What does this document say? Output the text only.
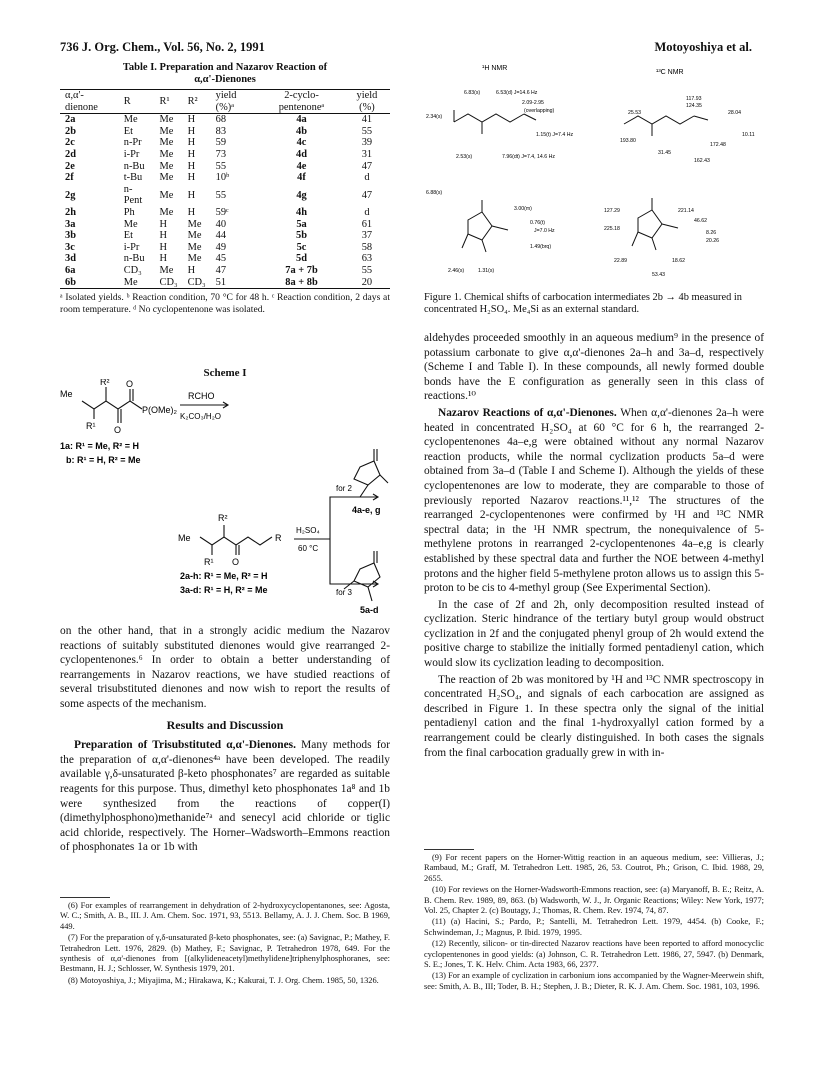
736 J. Org. Chem., Vol. 56, No. 2, 1991	Motoyoshiya et al.
Table I. Preparation and Nazarov Reaction of
α,α'-Dienones
α,α'-dienone	R	R¹	R²	yield (%)ᵃ	2-cyclo-pentenoneᵃ	yield (%)
2a	Me	Me	H	68	4a	41
2b	Et	Me	H	83	4b	55
2c	n-Pr	Me	H	59	4c	39
2d	i-Pr	Me	H	73	4d	31
2e	n-Bu	Me	H	55	4e	47
2f	t-Bu	Me	H	10ᵇ	4f	d
2g	n-Pent	Me	H	55	4g	47
2h	Ph	Me	H	59ᶜ	4h	d
3a	Me	H	Me	40	5a	61
3b	Et	H	Me	44	5b	37
3c	i-Pr	H	Me	49	5c	58
3d	n-Bu	H	Me	45	5d	63
6a	CD₃	Me	H	47	7a + 7b	55
6b	Me	CD₃	CD₃	51	8a + 8b	20
ᵃ Isolated yields. ᵇ Reaction condition, 70 °C for 48 h. ᶜ Reaction condition, 2 days at room temperature. ᵈ No cyclopentenone was isolated.
Scheme I
Me
R² O
P(OMe)₂
R¹ O
RCHO
K₂CO₃/H₂O
1a: R¹ = Me, R² = H
b: R¹ = H, R² = Me
Me
R²
R¹ O
R
H₂SO₄
60 °C
for 2
for 3
4a-e, g
5a-d
2a-h: R¹ = Me, R² = H
3a-d: R¹ = H, R² = Me

on the other hand, that in a strongly acidic medium the Nazarov reactions of suitably substituted dienones would give rearranged 2-cyclopentenones.⁶ In order to obtain a better understanding of rearrangements in Nazarov reactions, we have studied reactions of several trisubstituted dienones and now wish to report the results of some aspects of the mechanism.

Results and Discussion

Preparation of Trisubstituted α,α'-Dienones. Many methods for the preparation of α,α'-dienones⁴ᵃ have been developed. The readily available γ,δ-unsaturated β-keto phosphonates⁷ are regarded as suitable reagents for this purpose. Thus, dimethyl keto phosphonates 1a⁸ and 1b were synthesized from the reactions of copper(I) (dimethylphosphono)methanide⁷ᵃ and senecyl acid chloride or tiglic acid chloride, respectively. The Horner–Wadsworth–Emmons reaction of phosphonates 1a or 1b with

(6) For examples of rearrangement in dehydration of 2-hydroxycyclopentanones, see: Agosta, W. C.; Smith, A. B., III. J. Am. Chem. Soc. 1971, 93, 5513. Bellamy, A. J. J. Chem. Soc. B 1969, 449.
(7) For the preparation of γ,δ-unsaturated β-keto phosphonates, see: (a) Savignac, P.; Mathey, F. Tetrahedron Lett. 1976, 2829. (b) Mathey, F.; Savignac, P. Tetrahedron 1978, 649. For the synthesis of α,α'-dienones from [(alkylideneacetyl)methylidene]triphenylphosphoranes, see: Bestmann, H. J.; Schlosser, W. Synthesis 1979, 201.
(8) Motoyoshiya, J.; Miyajima, M.; Hirakawa, K.; Kakurai, T. J. Org. Chem. 1985, 50, 1326.
¹H NMR
¹³C NMR
6.83(s)	6.53(d) J=14.6 Hz
2.34(s)
2.09-2.95
(overlapping)
1.15(t) J=7.4 Hz
2.53(s)	7.96(dt) J=7.4, 14.6 Hz
6.88(s)
3.00(m)
0.76(t)
J=7.0 Hz
1.49(brq)
2.46(s)	1.31(s)
117.93
124.35
25.53	28.04
193.80
10.11
172.48
31.45
162.43
221.14
127.29
46.62
225.18
8.26
20.26
22.89	18.62
53.43
Figure 1. Chemical shifts of carbocation intermediates 2b → 4b measured in concentrated H₂SO₄. Me₄Si as an external standard.

aldehydes proceeded smoothly in an aqueous medium⁹ in the presence of potassium carbonate to give α,α'-dienones 2a–h and 3a–d, respectively (Scheme I and Table I). In these compounds, all newly formed double bonds have the E configuration as generally seen in this class of reactions.¹⁰

Nazarov Reactions of α,α'-Dienones. When α,α'-dienones 2a–h were heated in concentrated H₂SO₄ at 60 °C for 6 h, the rearranged 2-cyclopentenones 4a–e,g were obtained without any normal Nazarov reaction products, while the normal cyclization products 5a–d were obtained from 3a–d (Table I and Scheme I). Although the yields of these cyclopentenones are low to moderate, they are comparable to those of previously reported Nazarov reactions.¹¹,¹² The structures of the rearranged 2-cyclopentenones were confirmed by ¹H and ¹³C NMR spectral data; in the ¹H NMR spectrum, the nonequivalence of 5-methylene protons in rearranged 2-cyclopentenones 4a–e,g is clearly established by these spectral data and further the NOE between 4-methyl protons and the higher field 5-methylene proton allows us to assign this 5-proton to be cis to 4-methyl group (See Experimental Section).

In the case of 2f and 2h, only decomposition resulted instead of cyclization. Steric hindrance of the tertiary butyl group would obstruct cyclization in 2f and the conjugated phenyl group of 2h would extend the positive charge to stabilize the initially formed pentadienyl cation, which would slow its cyclization leading to decomposition.

The reaction of 2b was monitored by ¹H and ¹³C NMR spectroscopy in concentrated H₂SO₄, and signals of each carbocation are assigned as described in Figure 1. In these spectra only the signal of the initial pentadienyl cation and the final 1-hydroxyallyl cation formed by a rearrangement could be clearly distinguished. In both cases the signals from the final carbocation gradually grew in with in-

(9) For recent papers on the Horner-Wittig reaction in an aqueous medium, see: Villieras, J.; Rambaud, M.; Graff, M. Tetrahedron Lett. 1985, 26, 53. Coutrot, Ph.; Grison, C. Ibid. 1988, 29, 2655.
(10) For reviews on the Horner-Wadsworth-Emmons reaction, see: (a) Maryanoff, B. E.; Reitz, A. B. Chem. Rev. 1989, 89, 863. (b) Wadsworth, W. J., Jr. Organic Reactions; Wiley: New York, 1977; Vol. 25, Chapter 2. (c) Boutagy, J.; Thomas, R. Chem. Rev. 1974, 74, 87.
(11) (a) Hacini, S.; Pardo, P.; Santelli, M. Tetrahedron Lett. 1979, 4454. (b) Cooke, F.; Schwindeman, J.; Magnus, P. Ibid. 1979, 1995.
(12) Recently, silicon- or tin-directed Nazarov reactions have been reported to afford monocyclic cyclopentenones in good yields: (a) Johnson, C. R. Tetrahedron Lett. 1986, 27, 5947. (b) Denmark, S. E.; Jones, T. K. Helv. Chim. Acta 1983, 66, 2377.
(13) For an example of cyclization in carbonium ions accompanied by the Wagner-Meerwein shift, see: Smith, A. B., III; Toder, B. H.; Stephen, J. B.; Dieter, R. K. J. Am. Chem. Soc. 1981, 103, 1996.
